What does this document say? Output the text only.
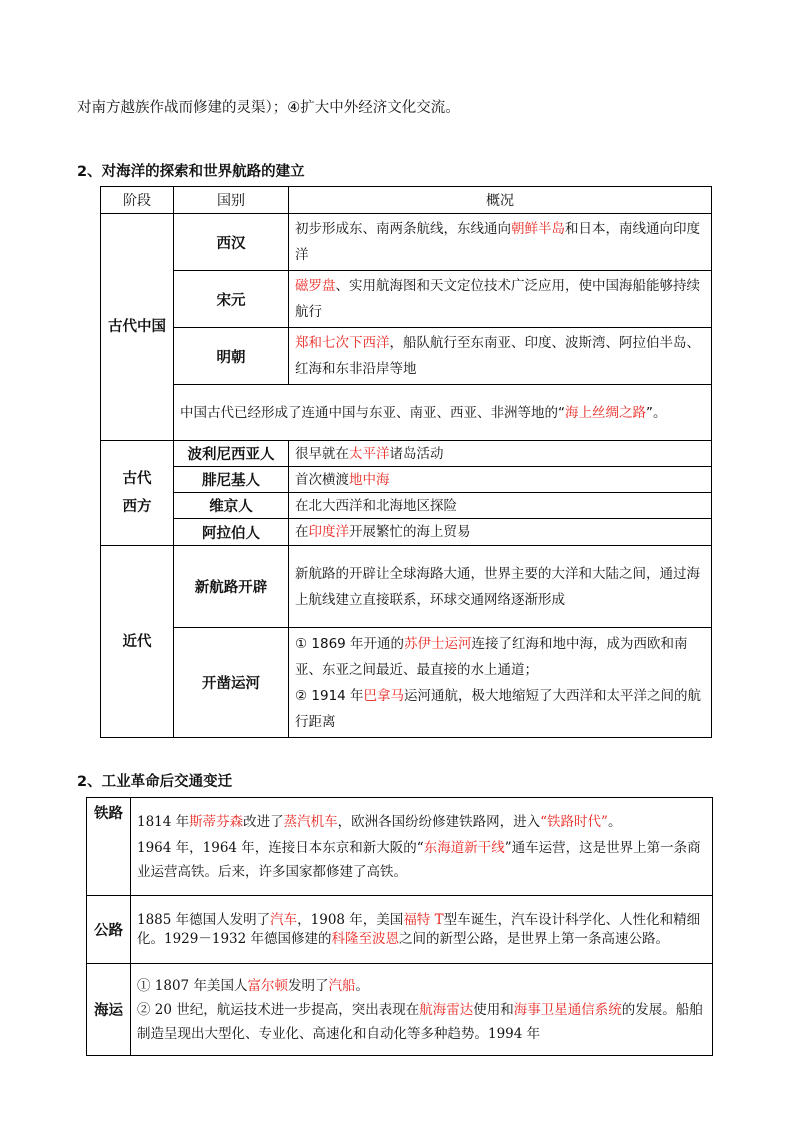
对南方越族作战而修建的灵渠）；④扩大中外经济文化交流。
2、对海洋的探索和世界航路的建立
阶段	国别	概况
古代中国	西汉	初步形成东、南两条航线，东线通向朝鲜半岛和日本，南线通向印度洋
	宋元	磁罗盘、实用航海图和天文定位技术广泛应用，使中国海船能够持续航行
	明朝	郑和七次下西洋，船队航行至东南亚、印度、波斯湾、阿拉伯半岛、红海和东非沿岸等地
	中国古代已经形成了连通中国与东亚、南亚、西亚、非洲等地的“海上丝绸之路”。	

古代
西方	波利尼西亚人	很早就在太平洋诸岛活动
	腓尼基人	首次横渡地中海
	维京人	在北大西洋和北海地区探险
	阿拉伯人	在印度洋开展繁忙的海上贸易
近代	新航路开辟	新航路的开辟让全球海路大通，世界主要的大洋和大陆之间，通过海上航线建立直接联系，环球交通网络逐渐形成
	开凿运河	① 1869 年开通的苏伊士运河连接了红海和地中海，成为西欧和南亚、东亚之间最近、最直接的水上通道；
② 1914 年巴拿马运河通航，极大地缩短了大西洋和太平洋之间的航行距离
2、工业革命后交通变迁
铁路	1814 年斯蒂芬森改进了蒸汽机车，欧洲各国纷纷修建铁路网，进入“铁路时代”。

1964 年，1964 年，连接日本东京和新大阪的“东海道新干线”通车运营，这是世界上第一条商业运营高铁。后来，许多国家都修建了高铁。

公路	1885 年德国人发明了汽车，1908 年，美国福特 T型车诞生，汽车设计科学化、人性化和精细化。1929－1932 年德国修建的科隆至波恩之间的新型公路，是世界上第一条高速公路。
海运	① 1807 年美国人富尔顿发明了汽船。

② 20 世纪，航运技术进一步提高，突出表现在航海雷达使用和海事卫星通信系统的发展。船舶制造呈现出大型化、专业化、高速化和自动化等多种趋势。1994 年
